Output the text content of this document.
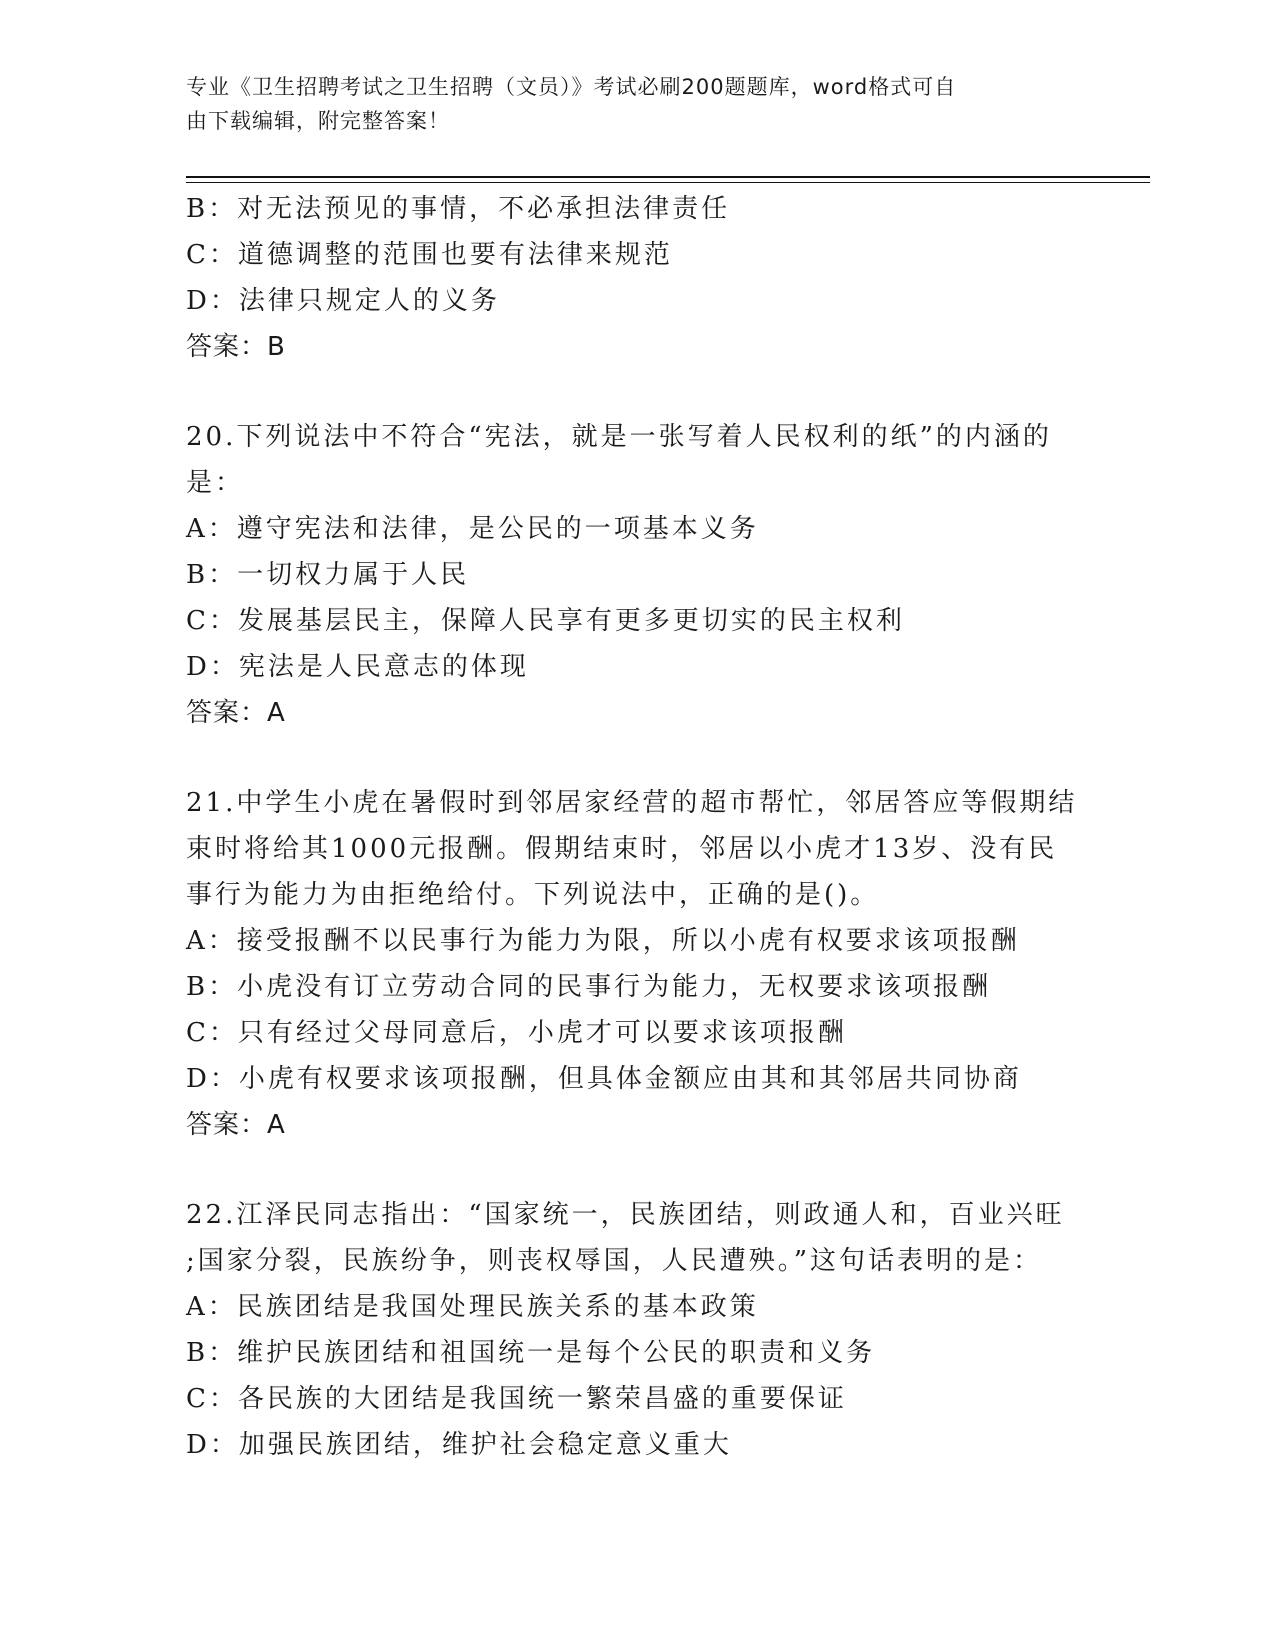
专业《卫生招聘考试之卫生招聘（文员）》考试必刷200题题库，word格式可自
由下载编辑，附完整答案！
B：对无法预见的事情，不必承担法律责任
C：道德调整的范围也要有法律来规范
D：法律只规定人的义务
答案：B
20.下列说法中不符合“宪法，就是一张写着人民权利的纸”的内涵的
是：
A：遵守宪法和法律，是公民的一项基本义务
B：一切权力属于人民
C：发展基层民主，保障人民享有更多更切实的民主权利
D：宪法是人民意志的体现
答案：A
21.中学生小虎在暑假时到邻居家经营的超市帮忙，邻居答应等假期结
束时将给其1000元报酬。假期结束时，邻居以小虎才13岁、没有民
事行为能力为由拒绝给付。下列说法中，正确的是()。
A：接受报酬不以民事行为能力为限，所以小虎有权要求该项报酬
B：小虎没有订立劳动合同的民事行为能力，无权要求该项报酬
C：只有经过父母同意后，小虎才可以要求该项报酬
D：小虎有权要求该项报酬，但具体金额应由其和其邻居共同协商
答案：A
22.江泽民同志指出：“国家统一，民族团结，则政通人和，百业兴旺
;国家分裂，民族纷争，则丧权辱国，人民遭殃。”这句话表明的是：
A：民族团结是我国处理民族关系的基本政策
B：维护民族团结和祖国统一是每个公民的职责和义务
C：各民族的大团结是我国统一繁荣昌盛的重要保证
D：加强民族团结，维护社会稳定意义重大
